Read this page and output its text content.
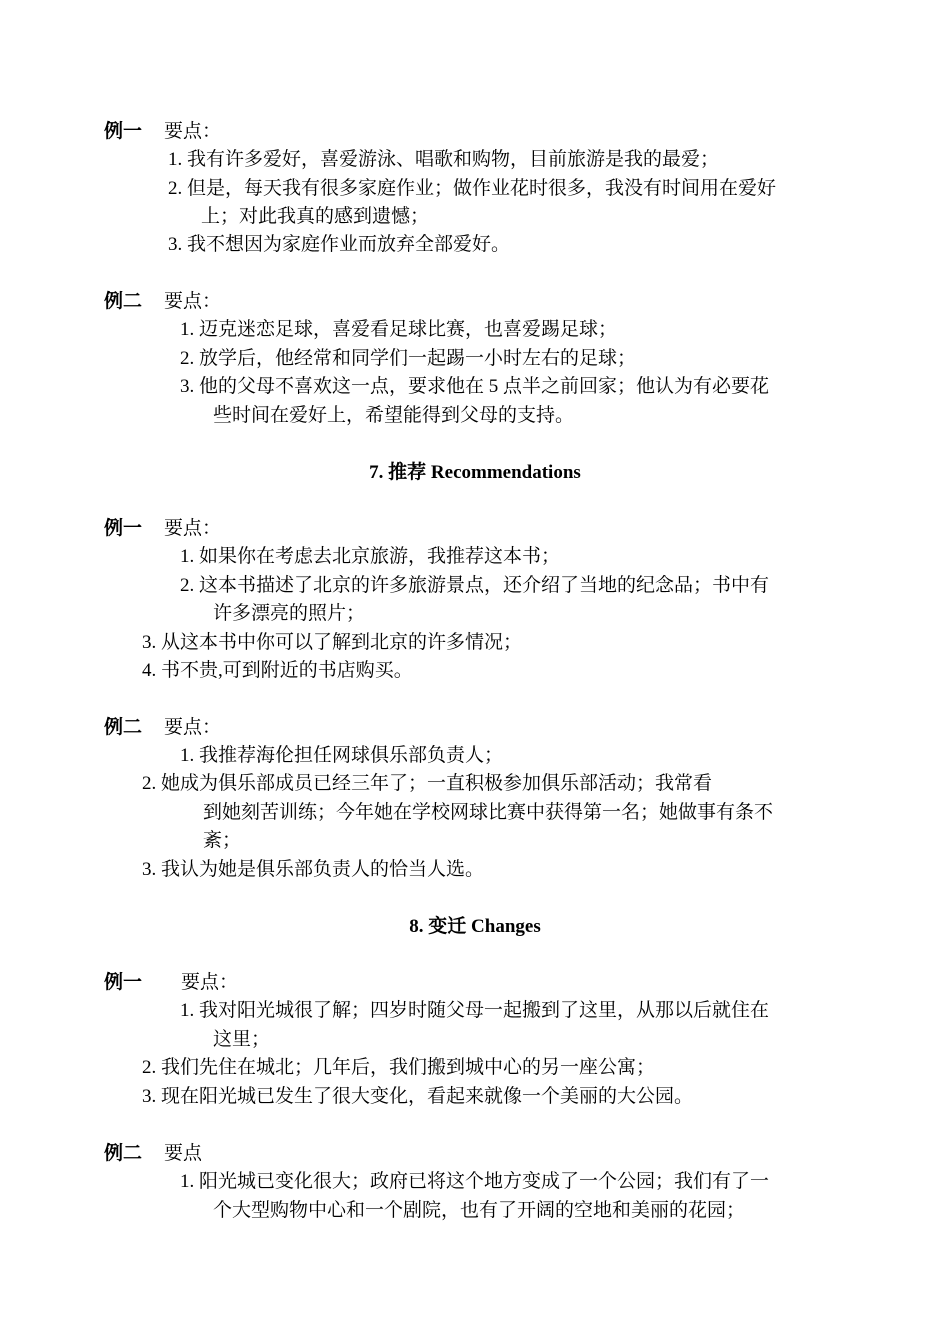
例一 要点：
1. 我有许多爱好，喜爱游泳、唱歌和购物，目前旅游是我的最爱；
2. 但是，每天我有很多家庭作业；做作业花时很多，我没有时间用在爱好
上；对此我真的感到遗憾；
3. 我不想因为家庭作业而放弃全部爱好。
例二 要点：
1. 迈克迷恋足球，喜爱看足球比赛，也喜爱踢足球；
2. 放学后，他经常和同学们一起踢一小时左右的足球；
3. 他的父母不喜欢这一点，要求他在 5 点半之前回家；他认为有必要花
些时间在爱好上，希望能得到父母的支持。
7. 推荐 Recommendations
例一 要点：
1. 如果你在考虑去北京旅游，我推荐这本书；
2. 这本书描述了北京的许多旅游景点，还介绍了当地的纪念品；书中有
许多漂亮的照片；
3. 从这本书中你可以了解到北京的许多情况；
4. 书不贵,可到附近的书店购买。
例二 要点：
1. 我推荐海伦担任网球俱乐部负责人；
2. 她成为俱乐部成员已经三年了；一直积极参加俱乐部活动；我常看
到她刻苦训练；今年她在学校网球比赛中获得第一名；她做事有条不
紊；
3. 我认为她是俱乐部负责人的恰当人选。
8. 变迁 Changes
例一 要点：
1. 我对阳光城很了解；四岁时随父母一起搬到了这里，从那以后就住在
这里；
2. 我们先住在城北；几年后，我们搬到城中心的另一座公寓；
3. 现在阳光城已发生了很大变化，看起来就像一个美丽的大公园。
例二 要点
1. 阳光城已变化很大；政府已将这个地方变成了一个公园；我们有了一
个大型购物中心和一个剧院，也有了开阔的空地和美丽的花园；
